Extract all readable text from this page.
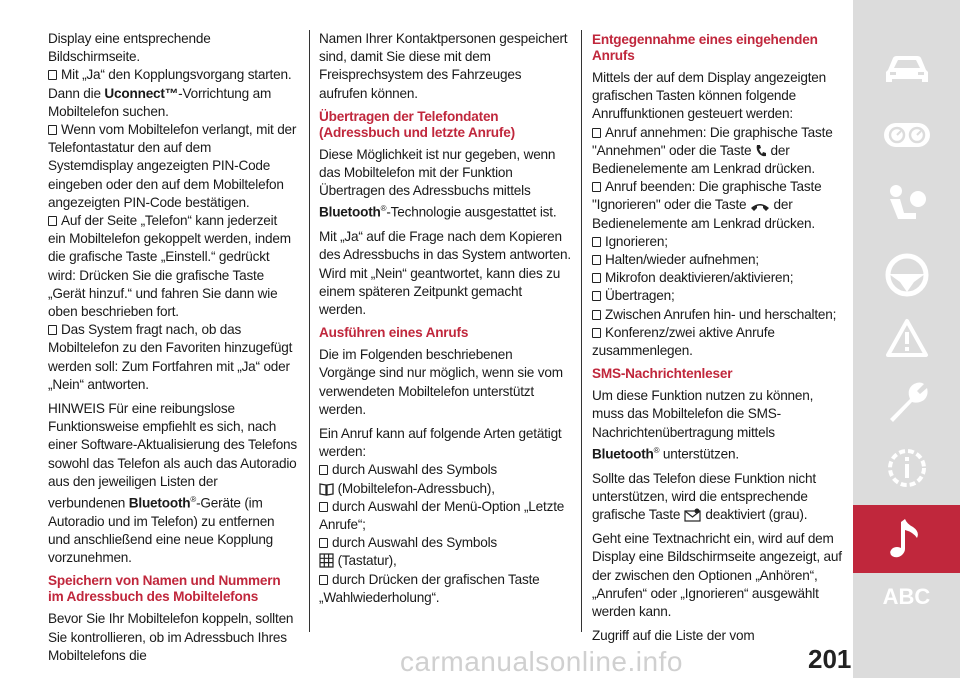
Display eine entsprechende Bildschirmseite.

Mit „Ja“ den Kopplungsvorgang starten. Dann die Uconnect™-Vorrichtung am Mobiltelefon suchen.
Wenn vom Mobiltelefon verlangt, mit der Telefontastatur den auf dem Systemdisplay angezeigten PIN-Code eingeben oder den auf dem Mobiltelefon angezeigten PIN-Code bestätigen.
Auf der Seite „Telefon“ kann jederzeit ein Mobiltelefon gekoppelt werden, indem die grafische Taste „Einstell.“ gedrückt wird: Drücken Sie die grafische Taste „Gerät hinzuf.“ und fahren Sie dann wie oben beschrieben fort.
Das System fragt nach, ob das Mobiltelefon zu den Favoriten hinzugefügt werden soll: Zum Fortfahren mit „Ja“ oder „Nein“ antworten.

HINWEIS Für eine reibungslose Funktionsweise empfiehlt es sich, nach einer Software-Aktualisierung des Telefons sowohl das Telefon als auch das Autoradio aus den jeweiligen Listen der verbundenen Bluetooth®-Geräte (im Autoradio und im Telefon) zu entfernen und anschließend eine neue Kopplung vorzunehmen.

Speichern von Namen und Nummern im Adressbuch des Mobiltelefons

Bevor Sie Ihr Mobiltelefon koppeln, sollten Sie kontrollieren, ob im Adressbuch Ihres Mobiltelefons die

Namen Ihrer Kontaktpersonen gespeichert sind, damit Sie diese mit dem Freisprechsystem des Fahrzeuges aufrufen können.

Übertragen der Telefondaten (Adressbuch und letzte Anrufe)

Diese Möglichkeit ist nur gegeben, wenn das Mobiltelefon mit der Funktion Übertragen des Adressbuchs mittels Bluetooth®-Technologie ausgestattet ist.

Mit „Ja“ auf die Frage nach dem Kopieren des Adressbuchs in das System antworten. Wird mit „Nein“ geantwortet, kann dies zu einem späteren Zeitpunkt gemacht werden.

Ausführen eines Anrufs

Die im Folgenden beschriebenen Vorgänge sind nur möglich, wenn sie vom verwendeten Mobiltelefon unterstützt werden.

Ein Anruf kann auf folgende Arten getätigt werden:

durch Auswahl des Symbols
(Mobiltelefon-Adressbuch),
durch Auswahl der Menü-Option „Letzte Anrufe“;
durch Auswahl des Symbols
(Tastatur),
durch Drücken der grafischen Taste „Wahlwiederholung“.
Entgegennahme eines eingehenden Anrufs

Mittels der auf dem Display angezeigten grafischen Tasten können folgende Anruffunktionen gesteuert werden:

Anruf annehmen: Die graphische Taste "Annehmen" oder die Taste der Bedienelemente am Lenkrad drücken.
Anruf beenden: Die graphische Taste "Ignorieren" oder die Taste der Bedienelemente am Lenkrad drücken.
Ignorieren;
Halten/wieder aufnehmen;
Mikrofon deaktivieren/aktivieren;
Übertragen;
Zwischen Anrufen hin- und herschalten;
Konferenz/zwei aktive Anrufe zusammenlegen.
SMS-Nachrichtenleser

Um diese Funktion nutzen zu können, muss das Mobiltelefon die SMS-Nachrichtenübertragung mittels Bluetooth® unterstützen.

Sollte das Telefon diese Funktion nicht unterstützen, wird die entsprechende grafische Taste deaktiviert (grau).

Geht eine Textnachricht ein, wird auf dem Display eine Bildschirmseite angezeigt, auf der zwischen den Optionen „Anhören“, „Anrufen“ oder „Ignorieren“ ausgewählt werden kann.

Zugriff auf die Liste der vom

ABC
carmanualsonline.info	201
